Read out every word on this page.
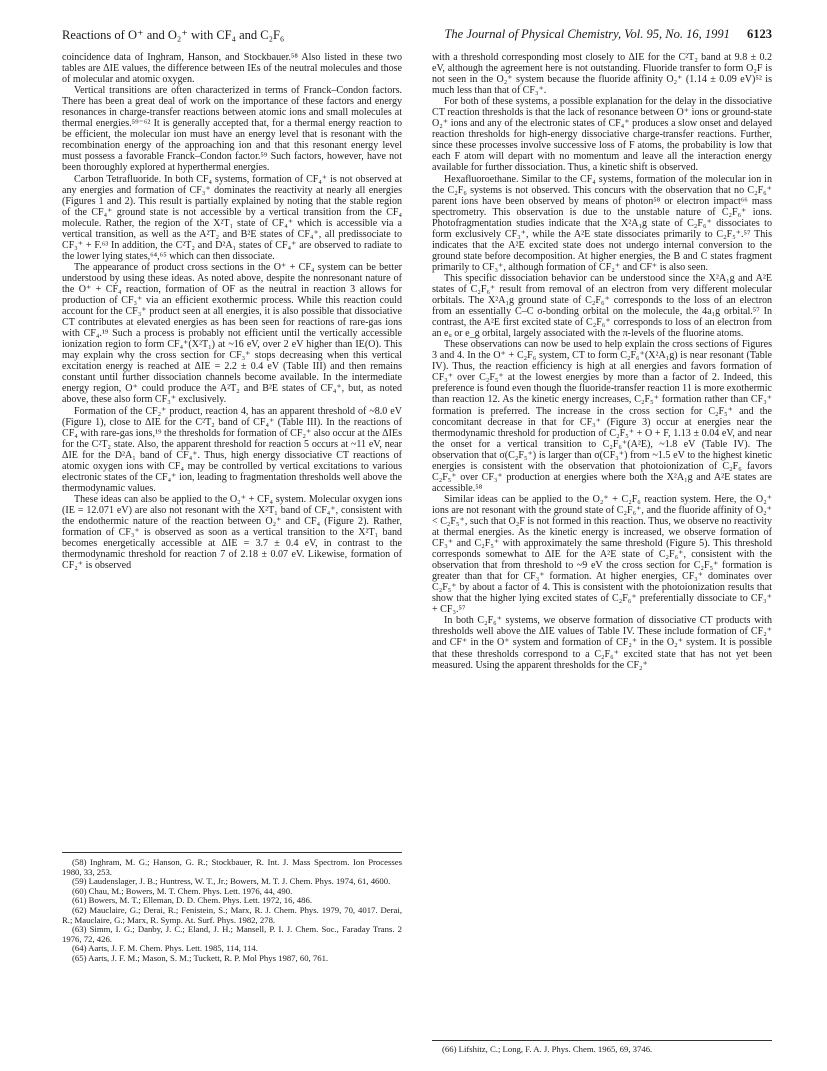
Reactions of O⁺ and O₂⁺ with CF₄ and C₂F₆	The Journal of Physical Chemistry, Vol. 95, No. 16, 1991 6123

coincidence data of Inghram, Hanson, and Stockbauer.⁵⁸ Also listed in these two tables are ΔIE values, the difference between IEs of the neutral molecules and those of molecular and atomic oxygen.

Vertical transitions are often characterized in terms of Franck–Condon factors. There has been a great deal of work on the importance of these factors and energy resonances in charge-transfer reactions between atomic ions and small molecules at thermal energies.⁵⁹⁻⁶² It is generally accepted that, for a thermal energy reaction to be efficient, the molecular ion must have an energy level that is resonant with the recombination energy of the approaching ion and that this resonant energy level must possess a favorable Franck–Condon factor.⁵⁹ Such factors, however, have not been thoroughly explored at hyperthermal energies.

Carbon Tetrafluoride. In both CF₄ systems, formation of CF₄⁺ is not observed at any energies and formation of CF₃⁺ dominates the reactivity at nearly all energies (Figures 1 and 2). This result is partially explained by noting that the stable region of the CF₄⁺ ground state is not accessible by a vertical transition from the CF₄ molecule. Rather, the region of the X²T₁ state of CF₄⁺ which is accessible via a vertical transition, as well as the A²T₂ and B²E states of CF₄⁺, all predissociate to CF₃⁺ + F.⁶³ In addition, the C²T₂ and D²A₁ states of CF₄⁺ are observed to radiate to the lower lying states,⁶⁴,⁶⁵ which can then dissociate.

The appearance of product cross sections in the O⁺ + CF₄ system can be better understood by using these ideas. As noted above, despite the nonresonant nature of the O⁺ + CF₄ reaction, formation of OF as the neutral in reaction 3 allows for production of CF₃⁺ via an efficient exothermic process. While this reaction could account for the CF₃⁺ product seen at all energies, it is also possible that dissociative CT contributes at elevated energies as has been seen for reactions of rare-gas ions with CF₄.¹⁹ Such a process is probably not efficient until the vertically accessible ionization region to form CF₄⁺(X²T₁) at ~16 eV, over 2 eV higher than IE(O). This may explain why the cross section for CF₃⁺ stops decreasing when this vertical excitation energy is reached at ΔIE = 2.2 ± 0.4 eV (Table III) and then remains constant until further dissociation channels become available. In the intermediate energy region, O⁺ could produce the A²T₂ and B²E states of CF₄⁺, but, as noted above, these also form CF₃⁺ exclusively.

Formation of the CF₂⁺ product, reaction 4, has an apparent threshold of ~8.0 eV (Figure 1), close to ΔIE for the C²T₂ band of CF₄⁺ (Table III). In the reactions of CF₄ with rare-gas ions,¹⁹ the thresholds for formation of CF₂⁺ also occur at the ΔIEs for the C²T₂ state. Also, the apparent threshold for reaction 5 occurs at ~11 eV, near ΔIE for the D²A₁ band of CF₄⁺. Thus, high energy dissociative CT reactions of atomic oxygen ions with CF₄ may be controlled by vertical excitations to various electronic states of the CF₄⁺ ion, leading to fragmentation thresholds well above the thermodynamic values.

These ideas can also be applied to the O₂⁺ + CF₄ system. Molecular oxygen ions (IE = 12.071 eV) are also not resonant with the X²T₁ band of CF₄⁺, consistent with the endothermic nature of the reaction between O₂⁺ and CF₄ (Figure 2). Rather, formation of CF₃⁺ is observed as soon as a vertical transition to the X²T₁ band becomes energetically accessible at ΔIE = 3.7 ± 0.4 eV, in contrast to the thermodynamic threshold for reaction 7 of 2.18 ± 0.07 eV. Likewise, formation of CF₂⁺ is observed

(58) Inghram, M. G.; Hanson, G. R.; Stockbauer, R. Int. J. Mass Spectrom. Ion Processes 1980, 33, 253.
(59) Laudenslager, J. B.; Huntress, W. T., Jr.; Bowers, M. T. J. Chem. Phys. 1974, 61, 4600.
(60) Chau, M.; Bowers, M. T. Chem. Phys. Lett. 1976, 44, 490.
(61) Bowers, M. T.; Elleman, D. D. Chem. Phys. Lett. 1972, 16, 486.
(62) Mauclaire, G.; Derai, R.; Fenistein, S.; Marx, R. J. Chem. Phys. 1979, 70, 4017. Derai, R.; Mauclaire, G.; Marx, R. Symp. At. Surf. Phys. 1982, 278.
(63) Simm, I. G.; Danby, J. C.; Eland, J. H.; Mansell, P. I. J. Chem. Soc., Faraday Trans. 2 1976, 72, 426.
(64) Aarts, J. F. M. Chem. Phys. Lett. 1985, 114, 114.
(65) Aarts, J. F. M.; Mason, S. M.; Tuckett, R. P. Mol Phys 1987, 60, 761.

with a threshold corresponding most closely to ΔIE for the C²T₂ band at 9.8 ± 0.2 eV, although the agreement here is not outstanding. Fluoride transfer to form O₂F is not seen in the O₂⁺ system because the fluoride affinity O₂⁺ (1.14 ± 0.09 eV)⁵² is much less than that of CF₃⁺.

For both of these systems, a possible explanation for the delay in the dissociative CT reaction thresholds is that the lack of resonance between O⁺ ions or ground-state O₂⁺ ions and any of the electronic states of CF₄⁺ produces a slow onset and delayed reaction thresholds for high-energy dissociative charge-transfer reactions. Further, since these processes involve successive loss of F atoms, the probability is low that each F atom will depart with no momentum and leave all the interaction energy available for further dissociation. Thus, a kinetic shift is observed.

Hexafluoroethane. Similar to the CF₄ systems, formation of the molecular ion in the C₂F₆ systems is not observed. This concurs with the observation that no C₂F₆⁺ parent ions have been observed by means of photon⁵⁸ or electron impact⁶⁶ mass spectrometry. This observation is due to the unstable nature of C₂F₆⁺ ions. Photofragmentation studies indicate that the X²A₁g state of C₂F₆⁺ dissociates to form exclusively CF₃⁺, while the A²E state dissociates primarily to C₂F₅⁺.⁵⁷ This indicates that the A²E excited state does not undergo internal conversion to the ground state before decomposition. At higher energies, the B and C states fragment primarily to CF₃⁺, although formation of CF₂⁺ and CF⁺ is also seen.

This specific dissociation behavior can be understood since the X²A₁g and A²E states of C₂F₆⁺ result from removal of an electron from very different molecular orbitals. The X²A₁g ground state of C₂F₆⁺ corresponds to the loss of an electron from an essentially C–C σ-bonding orbital on the molecule, the 4a₁g orbital.⁵⁷ In contrast, the A²E first excited state of C₂F₆⁺ corresponds to loss of an electron from an eᵤ or e_g orbital, largely associated with the π-levels of the fluorine atoms.

These observations can now be used to help explain the cross sections of Figures 3 and 4. In the O⁺ + C₂F₆ system, CT to form C₂F₆⁺(X²A₁g) is near resonant (Table IV). Thus, the reaction efficiency is high at all energies and favors formation of CF₃⁺ over C₂F₅⁺ at the lowest energies by more than a factor of 2. Indeed, this preference is found even though the fluoride-transfer reaction 11 is more exothermic than reaction 12. As the kinetic energy increases, C₂F₅⁺ formation rather than CF₃⁺ formation is preferred. The increase in the cross section for C₂F₅⁺ and the concomitant decrease in that for CF₃⁺ (Figure 3) occur at energies near the thermodynamic threshold for production of C₂F₅⁺ + O + F, 1.13 ± 0.04 eV, and near the onset for a vertical transition to C₂F₆⁺(A²E), ~1.8 eV (Table IV). The observation that σ(C₂F₅⁺) is larger than σ(CF₃⁺) from ~1.5 eV to the highest kinetic energies is consistent with the observation that photoionization of C₂F₆ favors C₂F₅⁺ over CF₃⁺ production at energies where both the X²A₁g and A²E states are accessible.⁵⁸

Similar ideas can be applied to the O₂⁺ + C₂F₆ reaction system. Here, the O₂⁺ ions are not resonant with the ground state of C₂F₆⁺, and the fluoride affinity of O₂⁺ < C₂F₅⁺, such that O₂F is not formed in this reaction. Thus, we observe no reactivity at thermal energies. As the kinetic energy is increased, we observe formation of CF₃⁺ and C₂F₅⁺ with approximately the same threshold (Figure 5). This threshold corresponds somewhat to ΔIE for the A²E state of C₂F₆⁺, consistent with the observation that from threshold to ~9 eV the cross section for C₂F₅⁺ formation is greater than that for CF₃⁺ formation. At higher energies, CF₃⁺ dominates over C₂F₅⁺ by about a factor of 4. This is consistent with the photoionization results that show that the higher lying excited states of C₂F₆⁺ preferentially dissociate to CF₃⁺ + CF₃.⁵⁷

In both C₂F₆⁺ systems, we observe formation of dissociative CT products with thresholds well above the ΔIE values of Table IV. These include formation of CF₂⁺ and CF⁺ in the O⁺ system and formation of CF₂⁺ in the O₂⁺ system. It is possible that these thresholds correspond to a C₂F₆⁺ excited state that has not yet been measured. Using the apparent thresholds for the CF₂⁺

(66) Lifshitz, C.; Long, F. A. J. Phys. Chem. 1965, 69, 3746.
